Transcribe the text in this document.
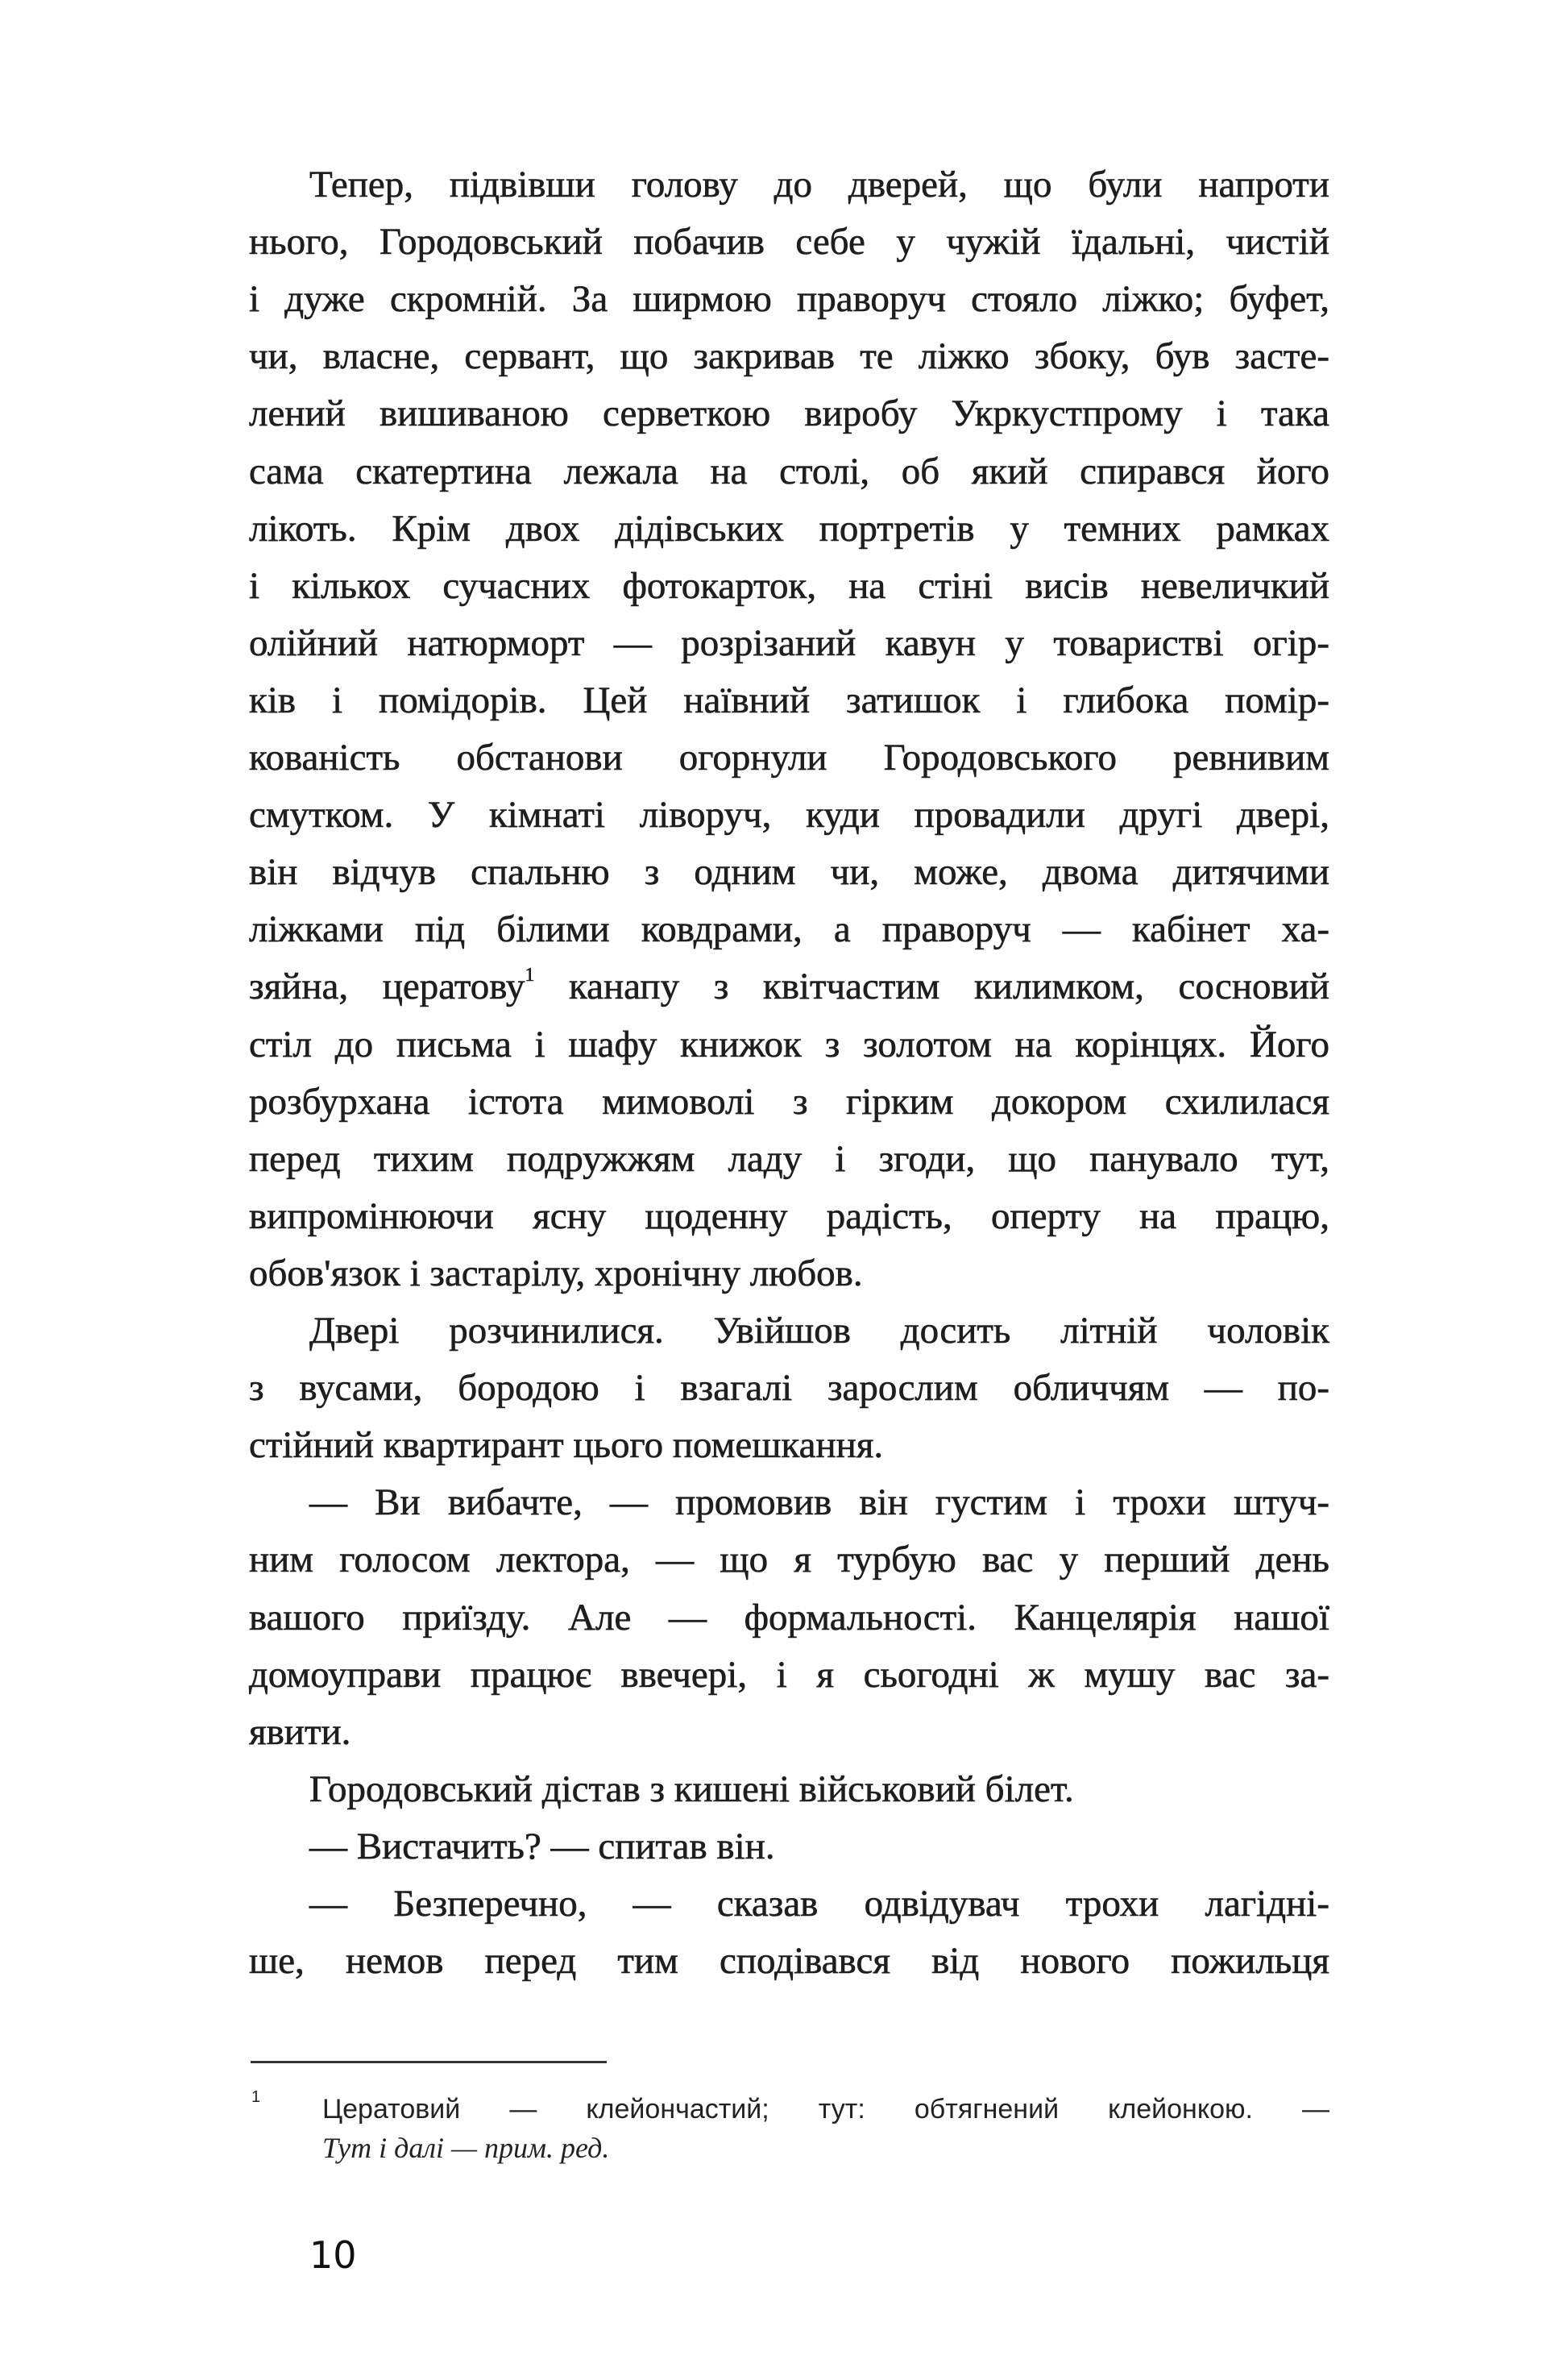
Тепер, підвівши голову до дверей, що були напроти
нього, Городовський побачив себе у чужій їдальні, чистій
і дуже скромній. За ширмою праворуч стояло ліжко; буфет,
чи, власне, сервант, що закривав те ліжко збоку, був засте-
лений вишиваною серветкою виробу Укркустпрому і така
сама скатертина лежала на столі, об який спирався його
лікоть. Крім двох дідівських портретів у темних рамках
і кількох сучасних фотокарток, на стіні висів невеличкий
олійний натюрморт — розрізаний кавун у товаристві огір-
ків і помідорів. Цей наївний затишок і глибока помір-
кованість обстанови огорнули Городовського ревнивим
смутком. У кімнаті ліворуч, куди провадили другі двері,
він відчув спальню з одним чи, може, двома дитячими
ліжками під білими ковдрами, а праворуч — кабінет ха-
зяйна, цератову$^1$ канапу з квітчастим килимком, сосновий
стіл до письма і шафу книжок з золотом на корінцях. Його
розбурхана істота мимоволі з гірким докором схилилася
перед тихим подружжям ладу і згоди, що панувало тут,
випромінюючи ясну щоденну радість, оперту на працю,
обов'язок і застарілу, хронічну любов.
Двері розчинилися. Увійшов досить літній чоловік
з вусами, бородою і взагалі зарослим обличчям — по-
стійний квартирант цього помешкання.
— Ви вибачте, — промовив він густим і трохи штуч-
ним голосом лектора, — що я турбую вас у перший день
вашого приїзду. Але — формальності. Канцелярія нашої
домоуправи працює ввечері, і я сьогодні ж мушу вас за-
явити.
Городовський дістав з кишені військовий білет.
— Вистачить? — спитав він.
— Безперечно, — сказав одвідувач трохи лагідні-
ше, немов перед тим сподівався від нового пожильця
1 Цератовий — клейончастий; тут: обтягнений клейонкою. —
Тут і далі — прим. ред.
10
